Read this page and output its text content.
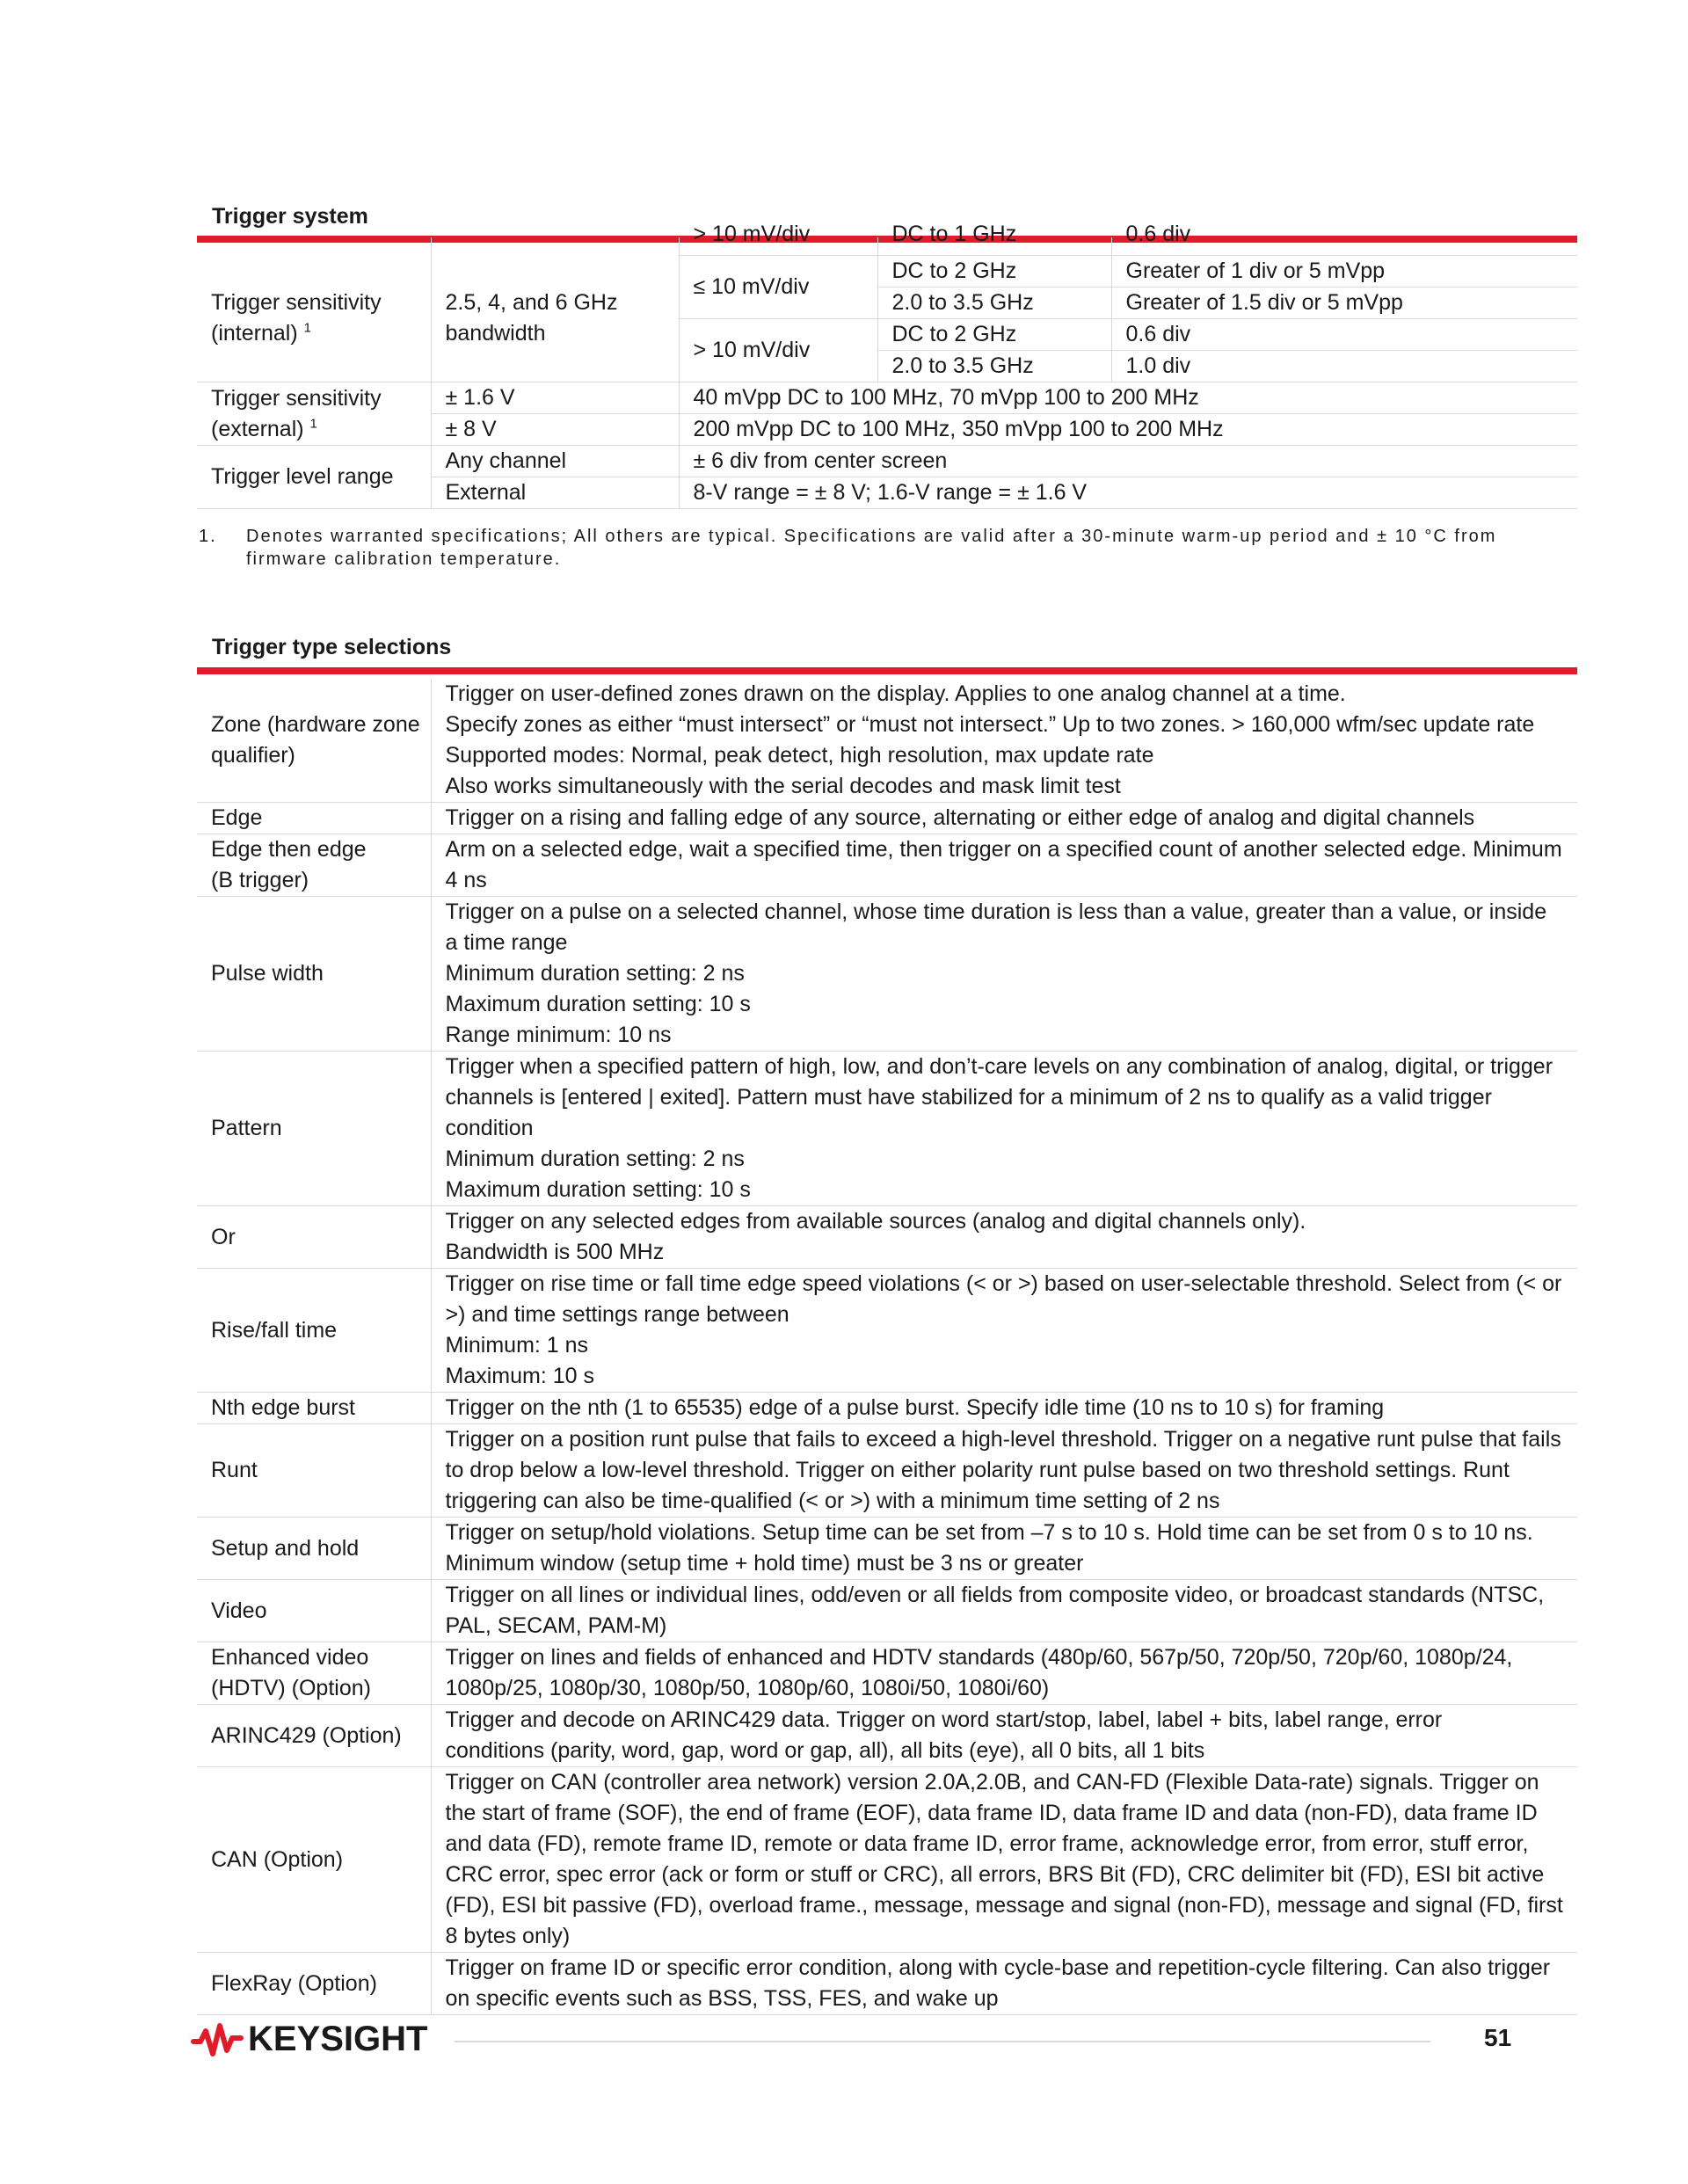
Trigger system
Trigger sensitivity (internal) $^1$	2.5, 4, and 6 GHz bandwidth	> 10 mV/div	DC to 1 GHz	0.6 div

		≤ 10 mV/div	DC to 2 GHz	Greater of 1 div or 5 mVpp
			2.0 to 3.5 GHz	Greater of 1.5 div or 5 mVpp
		> 10 mV/div	DC to 2 GHz	0.6 div
			2.0 to 3.5 GHz	1.0 div

Trigger sensitivity (external) $^1$	± 1.6 V	40 mVpp DC to 100 MHz, 70 mVpp 100 to 200 MHz		
	± 8 V	200 mVpp DC to 100 MHz, 350 mVpp 100 to 200 MHz		
Trigger level range	Any channel	± 6 div from center screen		
	External	8-V range = ± 8 V; 1.6-V range = ± 1.6 V		
1. Denotes warranted specifications; All others are typical. Specifications are valid after a 30-minute warm-up period and ± 10 °C from firmware calibration temperature.
Trigger type selections
Zone (hardware zone qualifier)	Trigger on user-defined zones drawn on the display. Applies to one analog channel at a time.
Specify zones as either “must intersect” or “must not intersect.” Up to two zones. > 160,000 wfm/sec update rate
Supported modes: Normal, peak detect, high resolution, max update rate
Also works simultaneously with the serial decodes and mask limit test
Edge	Trigger on a rising and falling edge of any source, alternating or either edge of analog and digital channels
Edge then edge
(B trigger)	Arm on a selected edge, wait a specified time, then trigger on a specified count of another selected edge. Minimum 4 ns
Pulse width	Trigger on a pulse on a selected channel, whose time duration is less than a value, greater than a value, or inside a time range
Minimum duration setting: 2 ns
Maximum duration setting: 10 s
Range minimum: 10 ns
Pattern	Trigger when a specified pattern of high, low, and don’t-care levels on any combination of analog, digital, or trigger channels is [entered | exited]. Pattern must have stabilized for a minimum of 2 ns to qualify as a valid trigger condition
Minimum duration setting: 2 ns
Maximum duration setting: 10 s
Or	Trigger on any selected edges from available sources (analog and digital channels only).
Bandwidth is 500 MHz
Rise/fall time	Trigger on rise time or fall time edge speed violations (< or >) based on user-selectable threshold. Select from (< or >) and time settings range between
Minimum: 1 ns
Maximum: 10 s
Nth edge burst	Trigger on the nth (1 to 65535) edge of a pulse burst. Specify idle time (10 ns to 10 s) for framing
Runt	Trigger on a position runt pulse that fails to exceed a high-level threshold. Trigger on a negative runt pulse that fails to drop below a low-level threshold. Trigger on either polarity runt pulse based on two threshold settings. Runt triggering can also be time-qualified (< or >) with a minimum time setting of 2 ns
Setup and hold	Trigger on setup/hold violations. Setup time can be set from –7 s to 10 s. Hold time can be set from 0 s to 10 ns. Minimum window (setup time + hold time) must be 3 ns or greater
Video	Trigger on all lines or individual lines, odd/even or all fields from composite video, or broadcast standards (NTSC, PAL, SECAM, PAM-M)
Enhanced video
(HDTV) (Option)	Trigger on lines and fields of enhanced and HDTV standards (480p/60, 567p/50, 720p/50, 720p/60, 1080p/24, 1080p/25, 1080p/30, 1080p/50, 1080p/60, 1080i/50, 1080i/60)
ARINC429 (Option)	Trigger and decode on ARINC429 data. Trigger on word start/stop, label, label + bits, label range, error
conditions (parity, word, gap, word or gap, all), all bits (eye), all 0 bits, all 1 bits
CAN (Option)	Trigger on CAN (controller area network) version 2.0A,2.0B, and CAN-FD (Flexible Data-rate) signals. Trigger on the start of frame (SOF), the end of frame (EOF), data frame ID, data frame ID and data (non-FD), data frame ID and data (FD), remote frame ID, remote or data frame ID, error frame, acknowledge error, from error, stuff error, CRC error, spec error (ack or form or stuff or CRC), all errors, BRS Bit (FD), CRC delimiter bit (FD), ESI bit active (FD), ESI bit passive (FD), overload frame., message, message and signal (non-FD), message and signal (FD, first 8 bytes only)
FlexRay (Option)	Trigger on frame ID or specific error condition, along with cycle-base and repetition-cycle filtering. Can also trigger on specific events such as BSS, TSS, FES, and wake up
KEYSIGHT	51
